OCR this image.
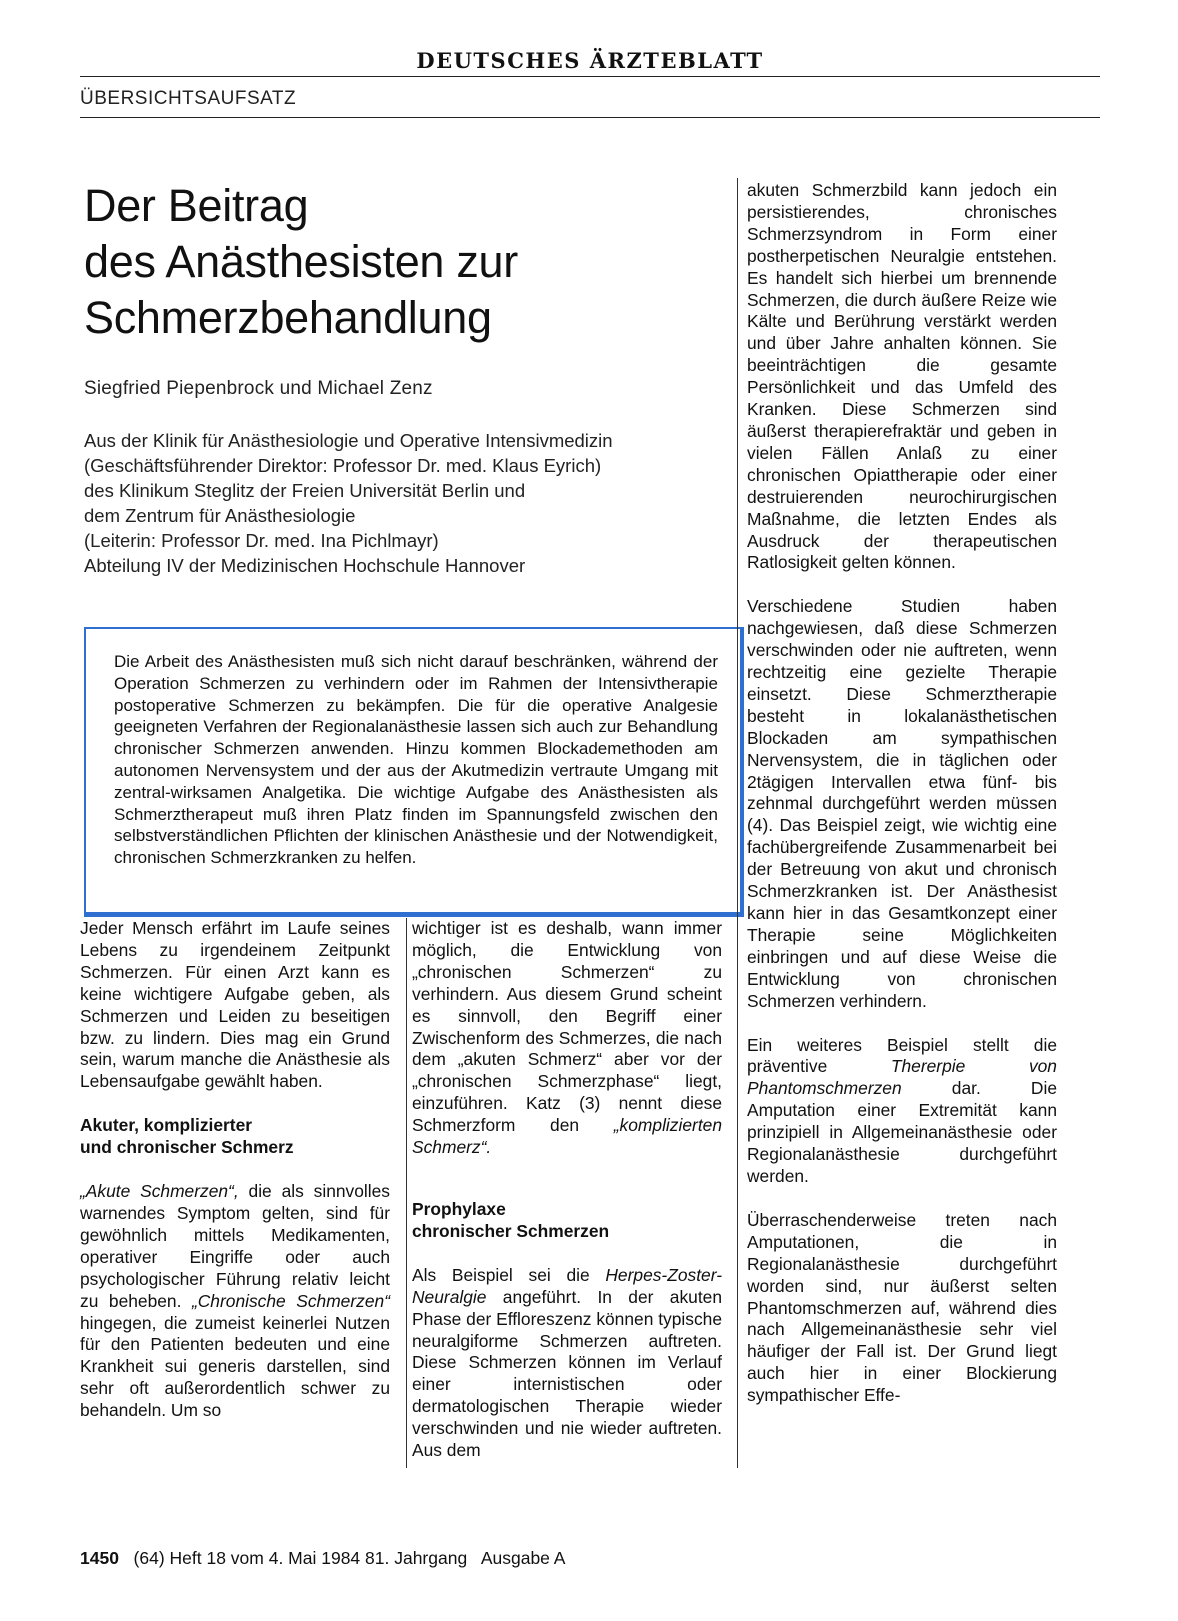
DEUTSCHES ÄRZTEBLATT
ÜBERSICHTSAUFSATZ
Der Beitrag
des Anästhesisten zur
Schmerzbehandlung
Siegfried Piepenbrock und Michael Zenz
Aus der Klinik für Anästhesiologie und Operative Intensivmedizin
(Geschäftsführender Direktor: Professor Dr. med. Klaus Eyrich)
des Klinikum Steglitz der Freien Universität Berlin und
dem Zentrum für Anästhesiologie
(Leiterin: Professor Dr. med. Ina Pichlmayr)
Abteilung IV der Medizinischen Hochschule Hannover
Die Arbeit des Anästhesisten muß sich nicht darauf beschränken, während der Operation Schmerzen zu verhindern oder im Rahmen der Intensivtherapie postoperative Schmerzen zu bekämpfen. Die für die operative Analgesie geeigneten Verfahren der Regionalanästhesie lassen sich auch zur Behandlung chronischer Schmerzen anwenden. Hinzu kommen Blockademethoden am autonomen Nervensystem und der aus der Akutmedizin vertraute Umgang mit zentral-wirksamen Analgetika. Die wichtige Aufgabe des Anästhesisten als Schmerztherapeut muß ihren Platz finden im Spannungsfeld zwischen den selbstverständlichen Pflichten der klinischen Anästhesie und der Notwendigkeit, chronischen Schmerzkranken zu helfen.

Jeder Mensch erfährt im Laufe seines Lebens zu irgendeinem Zeitpunkt Schmerzen. Für einen Arzt kann es keine wichtigere Aufgabe geben, als Schmerzen und Leiden zu beseitigen bzw. zu lindern. Dies mag ein Grund sein, warum manche die Anästhesie als Lebensaufgabe gewählt haben.

Akuter, komplizierter
und chronischer Schmerz

„Akute Schmerzen“, die als sinnvolles warnendes Symptom gelten, sind für gewöhnlich mittels Medikamenten, operativer Eingriffe oder auch psychologischer Führung relativ leicht zu beheben. „Chronische Schmerzen“ hingegen, die zumeist keinerlei Nutzen für den Patienten bedeuten und eine Krankheit sui generis darstellen, sind sehr oft außerordentlich schwer zu behandeln. Um so

wichtiger ist es deshalb, wann immer möglich, die Entwicklung von „chronischen Schmerzen“ zu verhindern. Aus diesem Grund scheint es sinnvoll, den Begriff einer Zwischenform des Schmerzes, die nach dem „akuten Schmerz“ aber vor der „chronischen Schmerzphase“ liegt, einzuführen. Katz (3) nennt diese Schmerzform den „komplizierten Schmerz“.

Prophylaxe
chronischer Schmerzen

Als Beispiel sei die Herpes-Zoster-Neuralgie angeführt. In der akuten Phase der Effloreszenz können typische neuralgiforme Schmerzen auftreten. Diese Schmerzen können im Verlauf einer internistischen oder dermatologischen Therapie wieder verschwinden und nie wieder auftreten. Aus dem

akuten Schmerzbild kann jedoch ein persistierendes, chronisches Schmerzsyndrom in Form einer postherpetischen Neuralgie entstehen. Es handelt sich hierbei um brennende Schmerzen, die durch äußere Reize wie Kälte und Berührung verstärkt werden und über Jahre anhalten können. Sie beeinträchtigen die gesamte Persönlichkeit und das Umfeld des Kranken. Diese Schmerzen sind äußerst therapierefraktär und geben in vielen Fällen Anlaß zu einer chronischen Opiattherapie oder einer destruierenden neurochirurgischen Maßnahme, die letzten Endes als Ausdruck der therapeutischen Ratlosigkeit gelten können.

Verschiedene Studien haben nachgewiesen, daß diese Schmerzen verschwinden oder nie auftreten, wenn rechtzeitig eine gezielte Therapie einsetzt. Diese Schmerztherapie besteht in lokalanästhetischen Blockaden am sympathischen Nervensystem, die in täglichen oder 2tägigen Intervallen etwa fünf- bis zehnmal durchgeführt werden müssen (4). Das Beispiel zeigt, wie wichtig eine fachübergreifende Zusammenarbeit bei der Betreuung von akut und chronisch Schmerzkranken ist. Der Anästhesist kann hier in das Gesamtkonzept einer Therapie seine Möglichkeiten einbringen und auf diese Weise die Entwicklung von chronischen Schmerzen verhindern.

Ein weiteres Beispiel stellt die präventive Thererpie von Phantomschmerzen dar. Die Amputation einer Extremität kann prinzipiell in Allgemeinanästhesie oder Regionalanästhesie durchgeführt werden.

Überraschenderweise treten nach Amputationen, die in Regionalanästhesie durchgeführt worden sind, nur äußerst selten Phantomschmerzen auf, während dies nach Allgemeinanästhesie sehr viel häufiger der Fall ist. Der Grund liegt auch hier in einer Blockierung sympathischer Effe-

1450 (64) Heft 18 vom 4. Mai 1984 81. Jahrgang Ausgabe A
